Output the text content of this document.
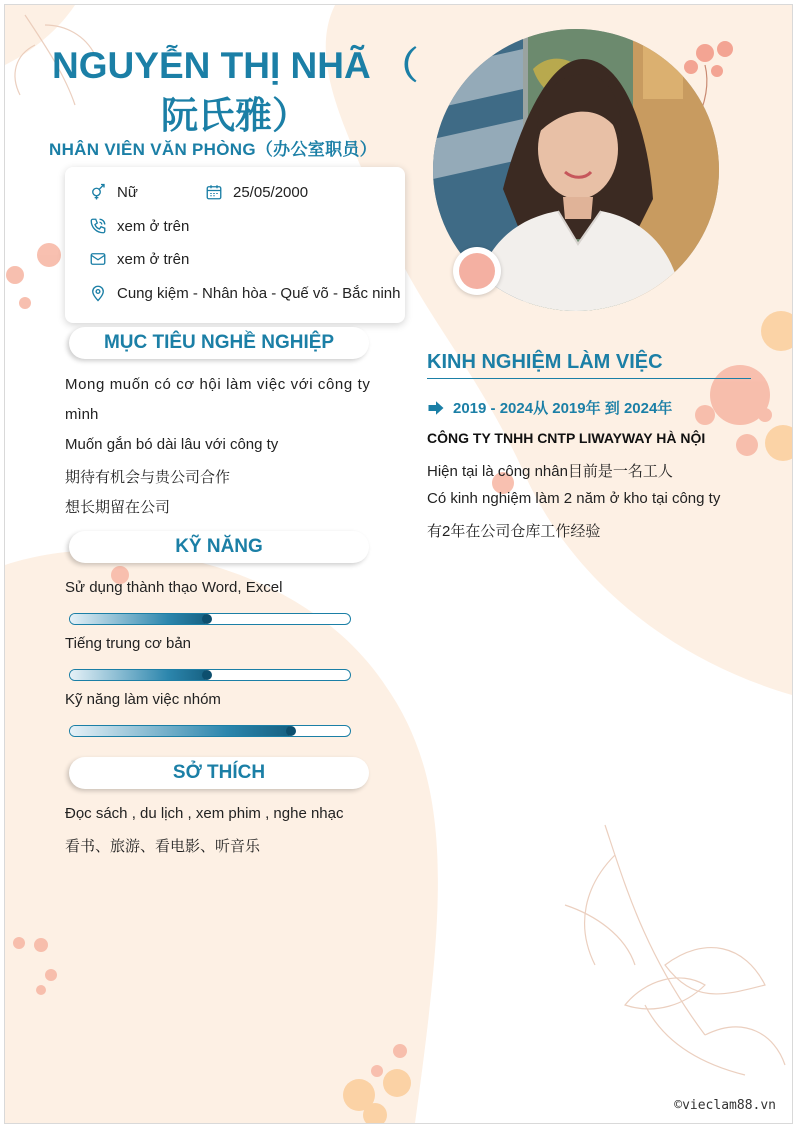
NGUYỄN THỊ NHÃ （
阮氏雅）
NHÂN VIÊN VĂN PHÒNG（办公室职员）
Nữ	25/05/2000
xem ở trên
xem ở trên
Cung kiệm - Nhân hòa - Quế võ - Bắc ninh
MỤC TIÊU NGHỀ NGHIỆP
Mong muốn có cơ hội làm việc với công ty
mình
Muốn gắn bó dài lâu với công ty
期待有机会与贵公司合作
想长期留在公司
KỸ NĂNG
Sử dụng thành thạo Word, Excel
Tiếng trung cơ bản
Kỹ năng làm việc nhóm
SỞ THÍCH
Đọc sách , du lịch , xem phim , nghe nhạc
看书、旅游、看电影、听音乐
KINH NGHIỆM LÀM VIỆC
2019 - 2024从 2019年 到 2024年
CÔNG TY TNHH CNTP LIWAYWAY HÀ NỘI
Hiện tại là công nhân目前是一名工人
Có kinh nghiệm làm 2 năm ở kho tại công ty
有2年在公司仓库工作经验
©vieclam88.vn
